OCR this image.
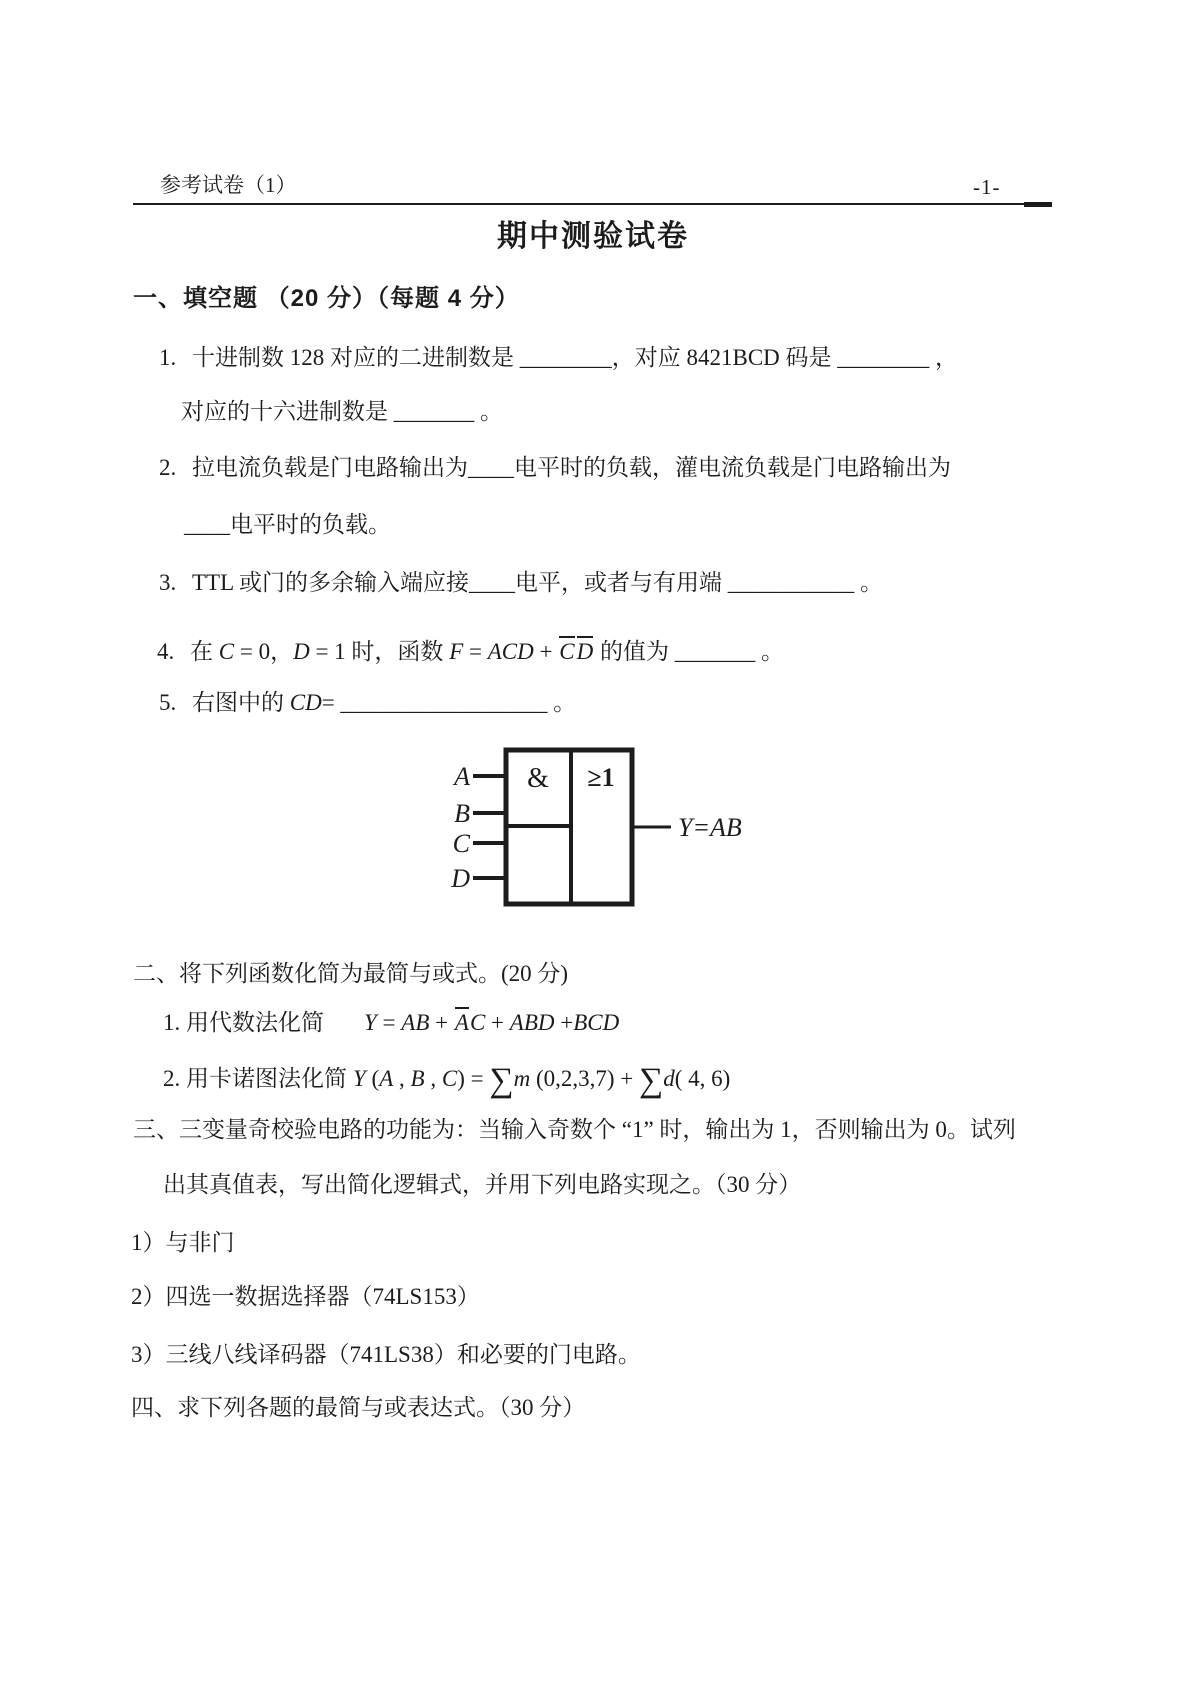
参考试卷（1）	-1-
期中测验试卷
一、填空题 （20 分）（每题 4 分）
1. 十进制数 128 对应的二进制数是 ________，对应 8421BCD 码是 ________ ，
对应的十六进制数是 _______ 。
2. 拉电流负载是门电路输出为____电平时的负载，灌电流负载是门电路输出为
____电平时的负载。
3. TTL 或门的多余输入端应接____电平，或者与有用端 ___________ 。
4. 在 C = 0，D = 1 时，函数 F = ACD + CD 的值为 _______ 。
5. 右图中的 CD= __________________ 。
A
B
C
D
& ≥1
Y=AB
二、将下列函数化简为最简与或式。(20 分)
1. 用代数法化简 Y = AB + AC + ABD +BCD
2. 用卡诺图法化简 Y (A , B , C) = ∑m (0,2,3,7) + ∑d( 4, 6)
三、三变量奇校验电路的功能为：当输入奇数个 “1” 时，输出为 1，否则输出为 0。试列
出其真值表，写出简化逻辑式，并用下列电路实现之。（30 分）
1）与非门
2）四选一数据选择器（74LS153）
3）三线八线译码器（741LS38）和必要的门电路。
四、求下列各题的最简与或表达式。（30 分）
